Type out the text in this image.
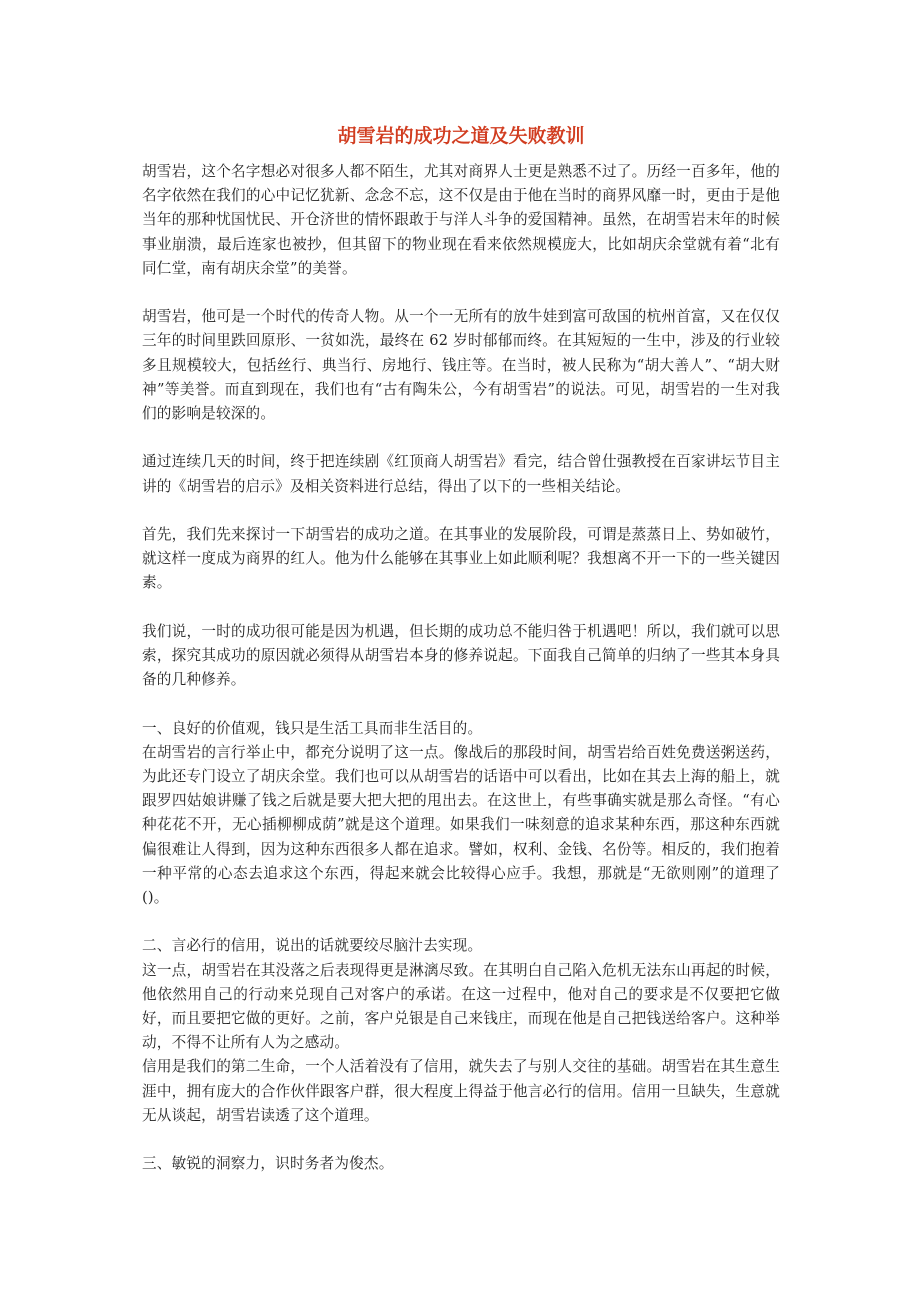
胡雪岩的成功之道及失败教训

胡雪岩，这个名字想必对很多人都不陌生，尤其对商界人士更是熟悉不过了。历经一百多年，他的名字依然在我们的心中记忆犹新、念念不忘，这不仅是由于他在当时的商界风靡一时，更由于是他当年的那种忧国忧民、开仓济世的情怀跟敢于与洋人斗争的爱国精神。虽然，在胡雪岩末年的时候事业崩溃，最后连家也被抄，但其留下的物业现在看来依然规模庞大，比如胡庆余堂就有着“北有同仁堂，南有胡庆余堂”的美誉。

胡雪岩，他可是一个时代的传奇人物。从一个一无所有的放牛娃到富可敌国的杭州首富，又在仅仅三年的时间里跌回原形、一贫如洗，最终在 62 岁时郁郁而终。在其短短的一生中，涉及的行业较多且规模较大，包括丝行、典当行、房地行、钱庄等。在当时，被人民称为“胡大善人”、“胡大财神”等美誉。而直到现在，我们也有“古有陶朱公，今有胡雪岩”的说法。可见，胡雪岩的一生对我们的影响是较深的。

通过连续几天的时间，终于把连续剧《红顶商人胡雪岩》看完，结合曾仕强教授在百家讲坛节目主讲的《胡雪岩的启示》及相关资料进行总结，得出了以下的一些相关结论。

首先，我们先来探讨一下胡雪岩的成功之道。在其事业的发展阶段，可谓是蒸蒸日上、势如破竹，就这样一度成为商界的红人。他为什么能够在其事业上如此顺利呢？我想离不开一下的一些关键因素。

我们说，一时的成功很可能是因为机遇，但长期的成功总不能归咎于机遇吧！所以，我们就可以思索，探究其成功的原因就必须得从胡雪岩本身的修养说起。下面我自己简单的归纳了一些其本身具备的几种修养。

一、良好的价值观，钱只是生活工具而非生活目的。

在胡雪岩的言行举止中，都充分说明了这一点。像战后的那段时间，胡雪岩给百姓免费送粥送药，为此还专门设立了胡庆余堂。我们也可以从胡雪岩的话语中可以看出，比如在其去上海的船上，就跟罗四姑娘讲赚了钱之后就是要大把大把的甩出去。在这世上，有些事确实就是那么奇怪。“有心种花花不开，无心插柳柳成荫”就是这个道理。如果我们一味刻意的追求某种东西，那这种东西就偏很难让人得到，因为这种东西很多人都在追求。譬如，权利、金钱、名份等。相反的，我们抱着一种平常的心态去追求这个东西，得起来就会比较得心应手。我想，那就是“无欲则刚”的道理了()。

二、言必行的信用，说出的话就要绞尽脑汁去实现。

这一点，胡雪岩在其没落之后表现得更是淋漓尽致。在其明白自己陷入危机无法东山再起的时候，他依然用自己的行动来兑现自己对客户的承诺。在这一过程中，他对自己的要求是不仅要把它做好，而且要把它做的更好。之前，客户兑银是自己来钱庄，而现在他是自己把钱送给客户。这种举动，不得不让所有人为之感动。

信用是我们的第二生命，一个人活着没有了信用，就失去了与别人交往的基础。胡雪岩在其生意生涯中，拥有庞大的合作伙伴跟客户群，很大程度上得益于他言必行的信用。信用一旦缺失，生意就无从谈起，胡雪岩读透了这个道理。

三、敏锐的洞察力，识时务者为俊杰。
